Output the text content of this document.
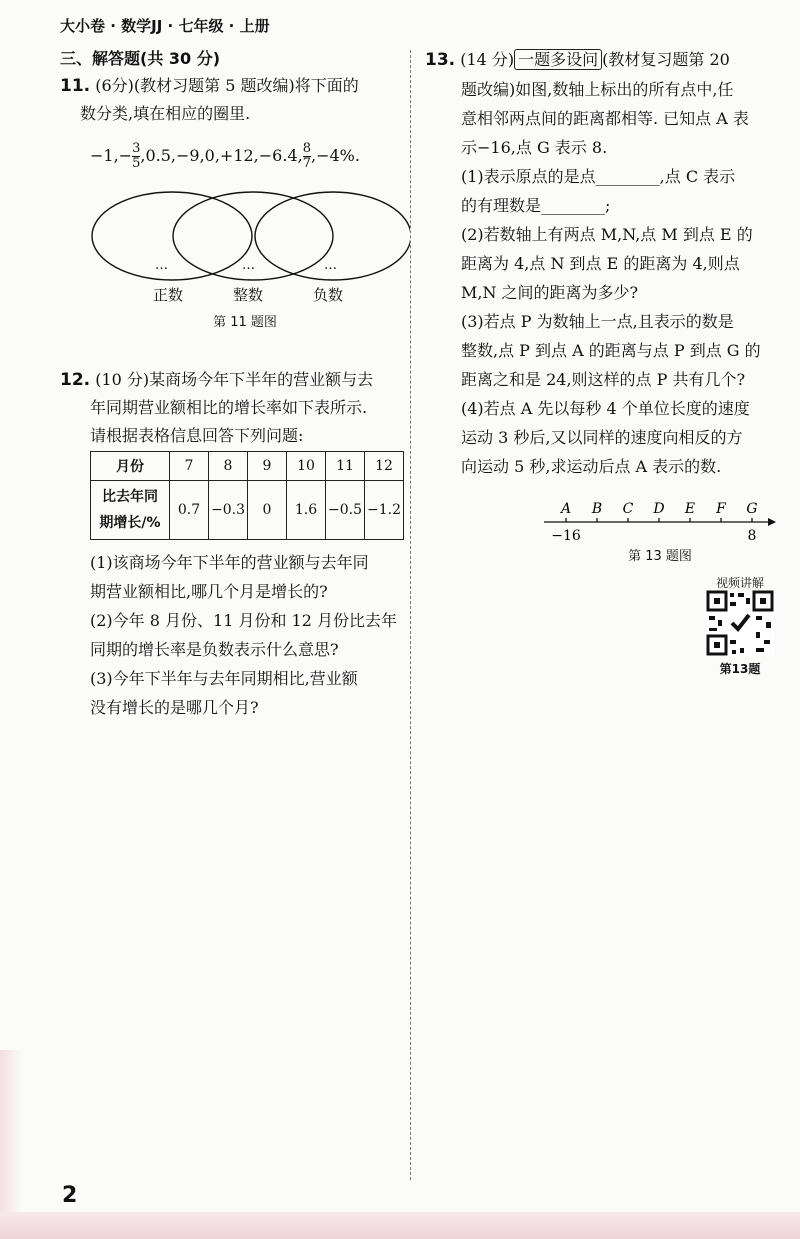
大小卷 · 数学JJ · 七年级 · 上册
三、解答题(共 30 分)
11. (6分)(教材习题第 5 题改编)将下面的
数分类,填在相应的圈里.
$-1,- \frac{3}{5} ,0.5,-9,0,+12,-6.4$, $\frac{8}{7} ,-4\%$.
…	…	…
正数	整数	负数
第 11 题图
12. (10 分)某商场今年下半年的营业额与去
年同期营业额相比的增长率如下表所示.
请根据表格信息回答下列问题:
月份	7	8	9	10	11	12
比去年同
期增长/%	0.7	−0.3	0	1.6	−0.5	−1.2
(1)该商场今年下半年的营业额与去年同
期营业额相比,哪几个月是增长的?
(2)今年 8 月份、11 月份和 12 月份比去年
同期的增长率是负数表示什么意思?
(3)今年下半年与去年同期相比,营业额
没有增长的是哪几个月?
13. (14 分) 一题多设问 (教材复习题第 20

题改编)如图,数轴上标出的所有点中,任
意相邻两点间的距离都相等. 已知点 A 表
示−16,点 G 表示 8.
(1)表示原点的是点________,点 C 表示
的有理数是________;
(2)若数轴上有两点 M,N,点 M 到点 E 的
距离为 4,点 N 到点 E 的距离为 4,则点
M,N 之间的距离为多少?
(3)若点 P 为数轴上一点,且表示的数是
整数,点 P 到点 A 的距离与点 P 到点 G 的
距离之和是 24,则这样的点 P 共有几个?
(4)若点 A 先以每秒 4 个单位长度的速度
运动 3 秒后,又以同样的速度向相反的方
向运动 5 秒,求运动后点 A 表示的数.
A B C D E F G
−16	8
第 13 题图
视频讲解
第13题
2
